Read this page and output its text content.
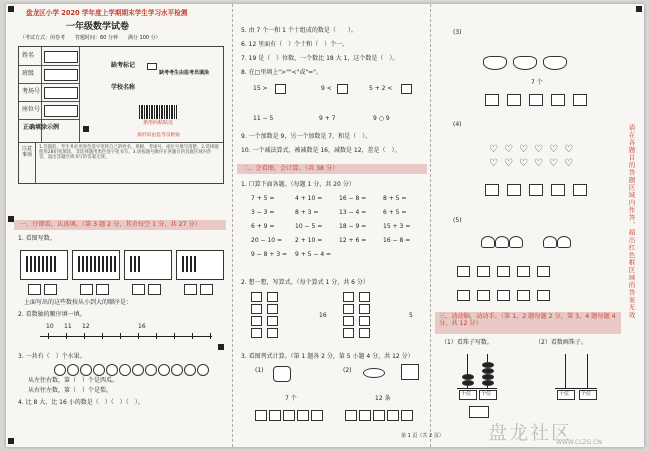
盘龙区小学 2020 学年度上学期期末学生学习水平检测
一年级数学试卷
（考试方式：闭卷考　　答题时间：60 分钟　　满分 100 分）
姓名
班级
考场号
座位号
缺考标记
缺考考生由监考员填涂
学校名称
条形码粘贴处
条形码由监考员粘贴
正确填涂示例
注意事项
1.答题前，考生务必用黑色签字笔将自己的姓名、班级、考场号、座位号填写清楚。2.选择题使用2B铅笔填涂，非选择题用黑色签字笔书写。3.请按题号顺序在各题目的答题区域内作答，超出答题区域书写的答案无效。
一、仔细看，认真填。（第 3 题 2 分，其余每空 1 分，共 27 分）
1. 看图写数。
上面写出的这些数按从小到大的顺序是：
2. 看数轴的顺序填一填。
10 11 12	16
3. 一共有（　）个水果。
从左往右数，第（　）个是西瓜。
从右往左数，第（　）个是梨。
4. 比 8 大，比 16 小的数是（　）（　）（　）。
5. 由 7 个一和 1 个十组成的数是（　　）。
6. 12 里面有（　）个十和（　）个一。
7. 19 是（　）位数，一个数比 18 大 1，这个数是（　）。
8. 在□里填上">""<"或"="。
15 >	9 <	5 + 2 <
11 − 5	9 + 7	9 ○ 9
9. 一个加数是 9，另一个加数是 7，和是（　）。
10. 一个减法算式，被减数是 16，减数是 12，差是（　）。
二、会看图，会计算。（共 38 分）
1. 口算下面各题。（每题 1 分，共 20 分）
7 + 5 =	4 + 10 =	16 − 8 =	8 + 5 =
3 − 3 =	8 + 3 =	13 − 4 =	6 + 5 =
6 + 9 =	10 − 5 =	18 − 9 =	15 + 3 =
20 − 10 = 2 + 10 =	12 + 6 =	16 − 8 =
9 − 8 + 3 = 9 + 5 − 4 =
2. 想一想，写算式。（每个算式 1 分，共 6 分）
16	5
3. 看图列式计算。（第 1 题各 2 分，第 5 小题 4 分，共 12 分）
(1)	(2)
7 个	12 条
(3)
7 个
(4)
♡ ♡ ♡ ♡ ♡ ♡
♡ ♡ ♡ ♡ ♡ ♡
(5)
三、动动脑，动动手。（第 1、2 题每题 2 分，第 3、4 题每题 4 分，共 12 分）
（1）看珠子写数。	（2）看数画珠子。
十位 个位	十位 个位
第 1 页（共 2 页）
请在各题目的答题区域内作答，超出红色框区域的答案无效
盘龙社区
WWW.CLZG.CN
